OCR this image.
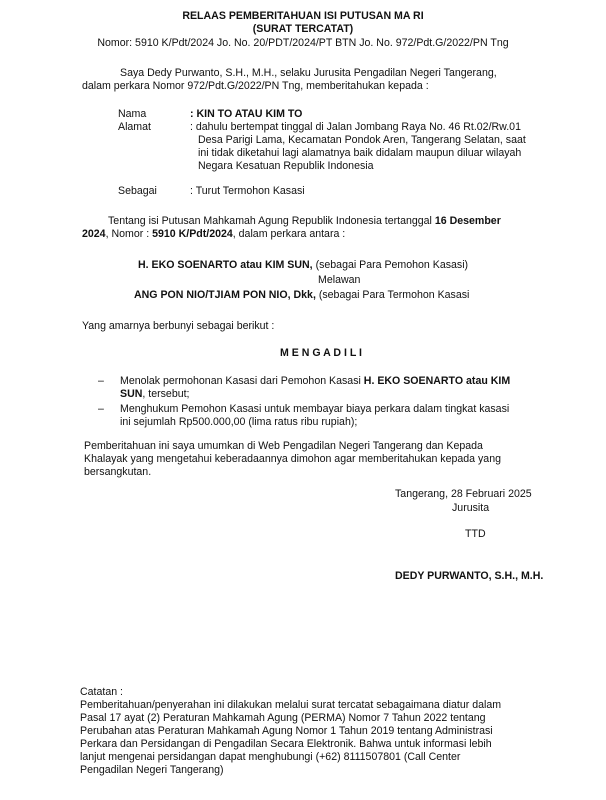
RELAAS PEMBERITAHUAN ISI PUTUSAN MA RI
(SURAT TERCATAT)
Nomor: 5910 K/Pdt/2024 Jo. No. 20/PDT/2024/PT BTN Jo. No. 972/Pdt.G/2022/PN Tng
Saya Dedy Purwanto, S.H., M.H., selaku Jurusita Pengadilan Negeri Tangerang,
dalam perkara Nomor 972/Pdt.G/2022/PN Tng, memberitahukan kepada :
Nama	: KIN TO ATAU KIM TO
Alamat	: dahulu bertempat tinggal di Jalan Jombang Raya No. 46 Rt.02/Rw.01
Desa Parigi Lama, Kecamatan Pondok Aren, Tangerang Selatan, saat
ini tidak diketahui lagi alamatnya baik didalam maupun diluar wilayah
Negara Kesatuan Republik Indonesia
Sebagai	: Turut Termohon Kasasi
Tentang isi Putusan Mahkamah Agung Republik Indonesia tertanggal 16 Desember
2024, Nomor : 5910 K/Pdt/2024, dalam perkara antara :
H. EKO SOENARTO atau KIM SUN, (sebagai Para Pemohon Kasasi)
Melawan
ANG PON NIO/TJIAM PON NIO, Dkk, (sebagai Para Termohon Kasasi
Yang amarnya berbunyi sebagai berikut :
M E N G A D I L I
– Menolak permohonan Kasasi dari Pemohon Kasasi H. EKO SOENARTO atau KIM
SUN, tersebut;
– Menghukum Pemohon Kasasi untuk membayar biaya perkara dalam tingkat kasasi
ini sejumlah Rp500.000,00 (lima ratus ribu rupiah);
Pemberitahuan ini saya umumkan di Web Pengadilan Negeri Tangerang dan Kepada
Khalayak yang mengetahui keberadaannya dimohon agar memberitahukan kepada yang
bersangkutan.
Tangerang, 28 Februari 2025
Jurusita
TTD
DEDY PURWANTO, S.H., M.H.
Catatan :
Pemberitahuan/penyerahan ini dilakukan melalui surat tercatat sebagaimana diatur dalam
Pasal 17 ayat (2) Peraturan Mahkamah Agung (PERMA) Nomor 7 Tahun 2022 tentang
Perubahan atas Peraturan Mahkamah Agung Nomor 1 Tahun 2019 tentang Administrasi
Perkara dan Persidangan di Pengadilan Secara Elektronik. Bahwa untuk informasi lebih
lanjut mengenai persidangan dapat menghubungi (+62) 8111507801 (Call Center
Pengadilan Negeri Tangerang)
